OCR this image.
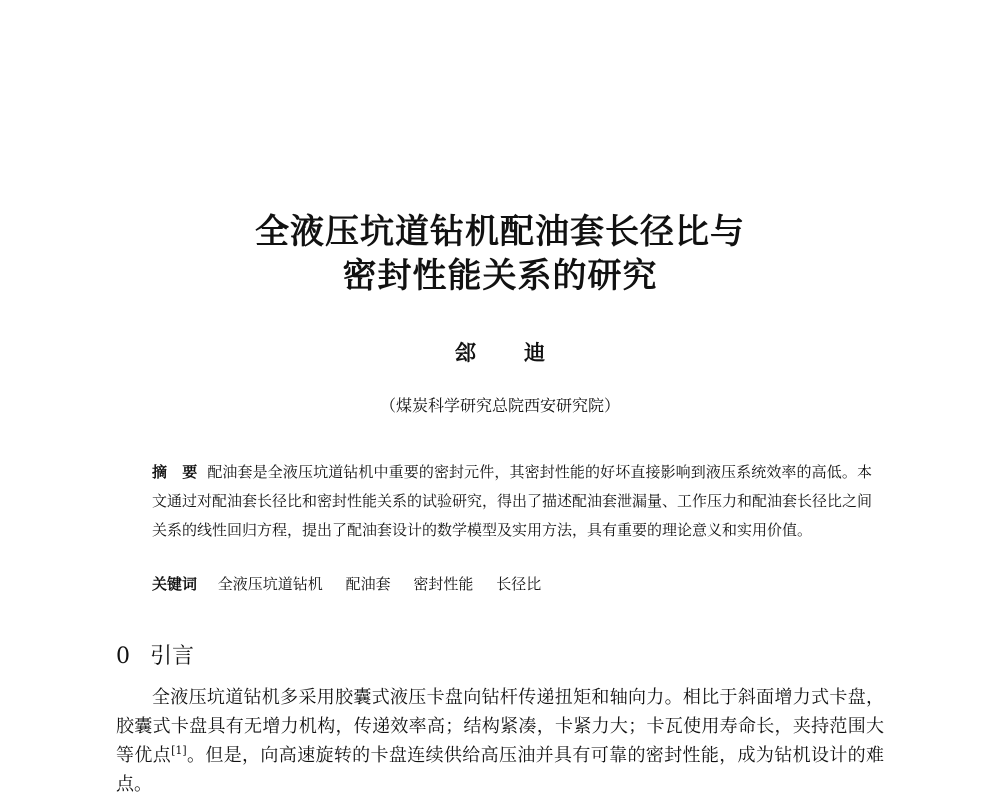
全液压坑道钻机配油套长径比与
密封性能关系的研究
郐 迪
（煤炭科学研究总院西安研究院）
摘　要 配油套是全液压坑道钻机中重要的密封元件，其密封性能的好坏直接影响到液压系统效率的高低。本文通过对配油套长径比和密封性能关系的试验研究，得出了描述配油套泄漏量、工作压力和配油套长径比之间关系的线性回归方程，提出了配油套设计的数学模型及实用方法，具有重要的理论意义和实用价值。
关键词 全液压坑道钻机 配油套 密封性能 长径比
0 引言
全液压坑道钻机多采用胶囊式液压卡盘向钻杆传递扭矩和轴向力。相比于斜面增力式卡盘，胶囊式卡盘具有无增力机构，传递效率高；结构紧凑，卡紧力大；卡瓦使用寿命长，夹持范围大等优点[1]。但是，向高速旋转的卡盘连续供给高压油并具有可靠的密封性能，成为钻机设计的难点。
